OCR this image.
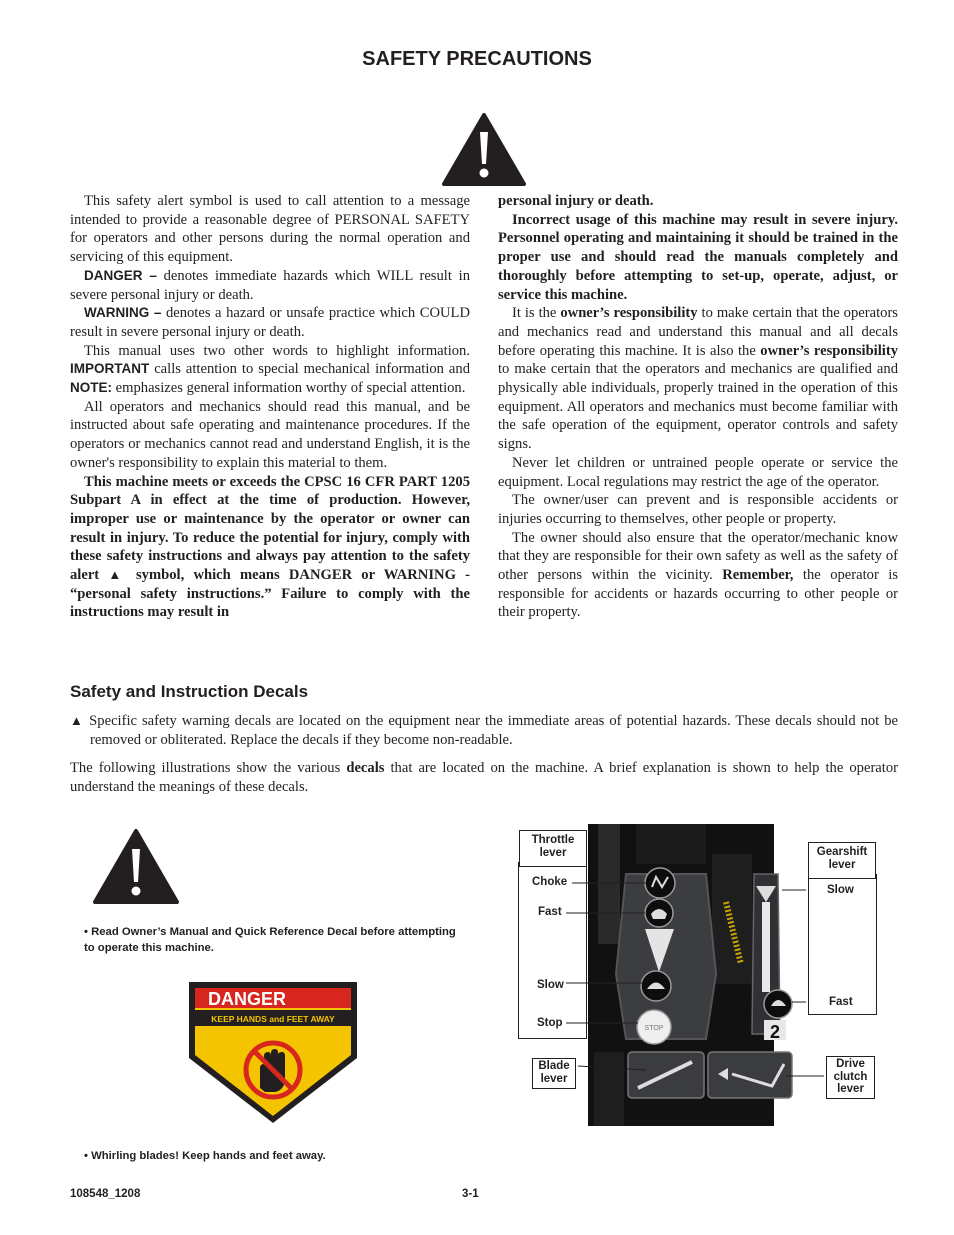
SAFETY PRECAUTIONS

This safety alert symbol is used to call attention to a message intended to provide a reasonable degree of PERSONAL SAFETY for operators and other persons during the normal operation and servicing of this equipment.

DANGER – denotes immediate hazards which WILL result in severe personal injury or death.

WARNING – denotes a hazard or unsafe practice which COULD result in severe personal injury or death.

This manual uses two other words to highlight information. IMPORTANT calls attention to special mechanical information and NOTE: emphasizes general information worthy of special attention.

All operators and mechanics should read this manual, and be instructed about safe operating and maintenance procedures. If the operators or mechanics cannot read and understand English, it is the owner's responsibility to explain this material to them.

This machine meets or exceeds the CPSC 16 CFR PART 1205 Subpart A in effect at the time of production. However, improper use or maintenance by the operator or owner can result in injury. To reduce the potential for injury, comply with these safety instructions and always pay attention to the safety alert ▲ symbol, which means DANGER or WARNING - “personal safety instructions.” Failure to comply with the instructions may result in

personal injury or death.

Incorrect usage of this machine may result in severe injury. Personnel operating and maintaining it should be trained in the proper use and should read the manuals completely and thoroughly before attempting to set-up, operate, adjust, or service this machine.

It is the owner’s responsibility to make certain that the operators and mechanics read and understand this manual and all decals before operating this machine. It is also the owner’s responsibility to make certain that the operators and mechanics are qualified and physically able individuals, properly trained in the operation of this equipment. All operators and mechanics must become familiar with the safe operation of the equipment, operator controls and safety signs.

Never let children or untrained people operate or service the equipment. Local regulations may restrict the age of the operator.

The owner/user can prevent and is responsible accidents or injuries occurring to themselves, other people or property.

The owner should also ensure that the operator/mechanic know that they are responsible for their own safety as well as the safety of other persons within the vicinity. Remember, the operator is responsible for accidents or hazards occurring to other people or their property.

Safety and Instruction Decals

▲ Specific safety warning decals are located on the equipment near the immediate areas of potential hazards. These decals should not be removed or obliterated. Replace the decals if they become non-readable.

The following illustrations show the various decals that are located on the machine. A brief explanation is shown to help the operator understand the meanings of these decals.
• Read Owner’s Manual and Quick Reference Decal before attempting to operate this machine.
DANGER
KEEP HANDS and FEET AWAY
• Whirling blades! Keep hands and feet away.
STOP	2
Throttle lever
Choke
Fast
Slow
Stop
Blade lever
Gearshift lever
Slow
Fast
Drive clutch lever
108548_1208	3-1
